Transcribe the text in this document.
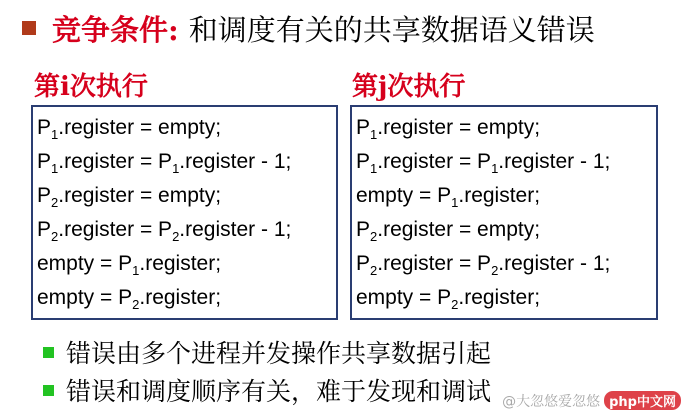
竞争条件: 和调度有关的共享数据语义错误
第i次执行	第j次执行
$P_1.register$ = empty;
$P_1.register$ = $P_1.register - 1$;
$P_2.register$ = empty;
$P_2.register$ = $P_2.register - 1$;
empty = $P_1.register$;
empty = $P_2.register$;
$P_1.register$ = empty;
$P_1.register$ = $P_1.register - 1$;
empty = $P_1.register$;
$P_2.register$ = empty;
$P_2.register$ = $P_2.register - 1$;
empty = $P_2.register$;
错误由多个进程并发操作共享数据引起
错误和调度顺序有关，难于发现和调试 @大忽悠爱忽悠 php中文网
